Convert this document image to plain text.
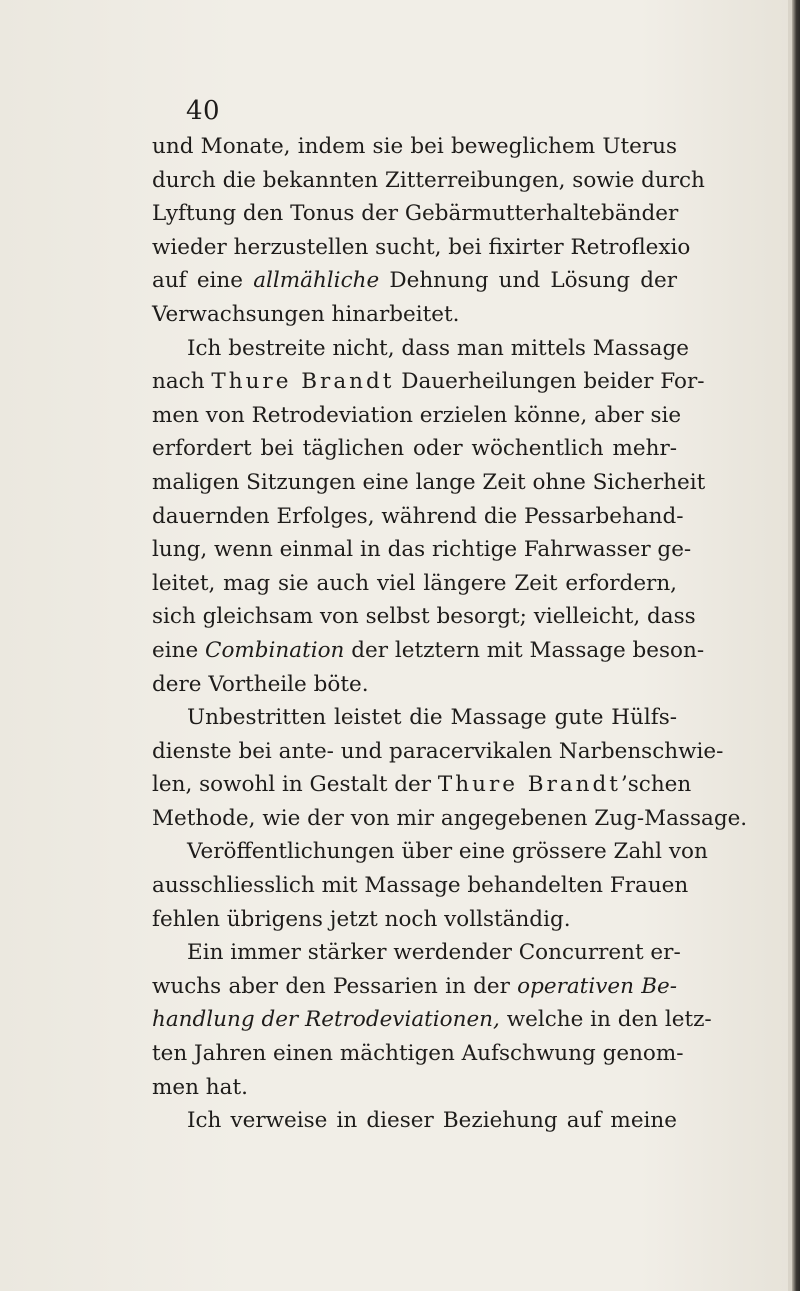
40
und Monate, indem sie bei beweglichem Uterus
durch die bekannten Zitterreibungen, sowie durch
Lyftung den Tonus der Gebärmutterhaltebänder
wieder herzustellen sucht, bei fixirter Retroflexio
auf eine allmähliche Dehnung und Lösung der
Verwachsungen hinarbeitet.
Ich bestreite nicht, dass man mittels Massage
nach Thure Brandt Dauerheilungen beider For-
men von Retrodeviation erzielen könne, aber sie
erfordert bei täglichen oder wöchentlich mehr-
maligen Sitzungen eine lange Zeit ohne Sicherheit
dauernden Erfolges, während die Pessarbehand-
lung, wenn einmal in das richtige Fahrwasser ge-
leitet, mag sie auch viel längere Zeit erfordern,
sich gleichsam von selbst besorgt; vielleicht, dass
eine Combination der letztern mit Massage beson-
dere Vortheile böte.
Unbestritten leistet die Massage gute Hülfs-
dienste bei ante- und paracervikalen Narbenschwie-
len, sowohl in Gestalt der Thure Brandt’schen
Methode, wie der von mir angegebenen Zug-Massage.
Veröffentlichungen über eine grössere Zahl von
ausschliesslich mit Massage behandelten Frauen
fehlen übrigens jetzt noch vollständig.
Ein immer stärker werdender Concurrent er-
wuchs aber den Pessarien in der operativen Be-
handlung der Retrodeviationen, welche in den letz-
ten Jahren einen mächtigen Aufschwung genom-
men hat.
Ich verweise in dieser Beziehung auf meine
